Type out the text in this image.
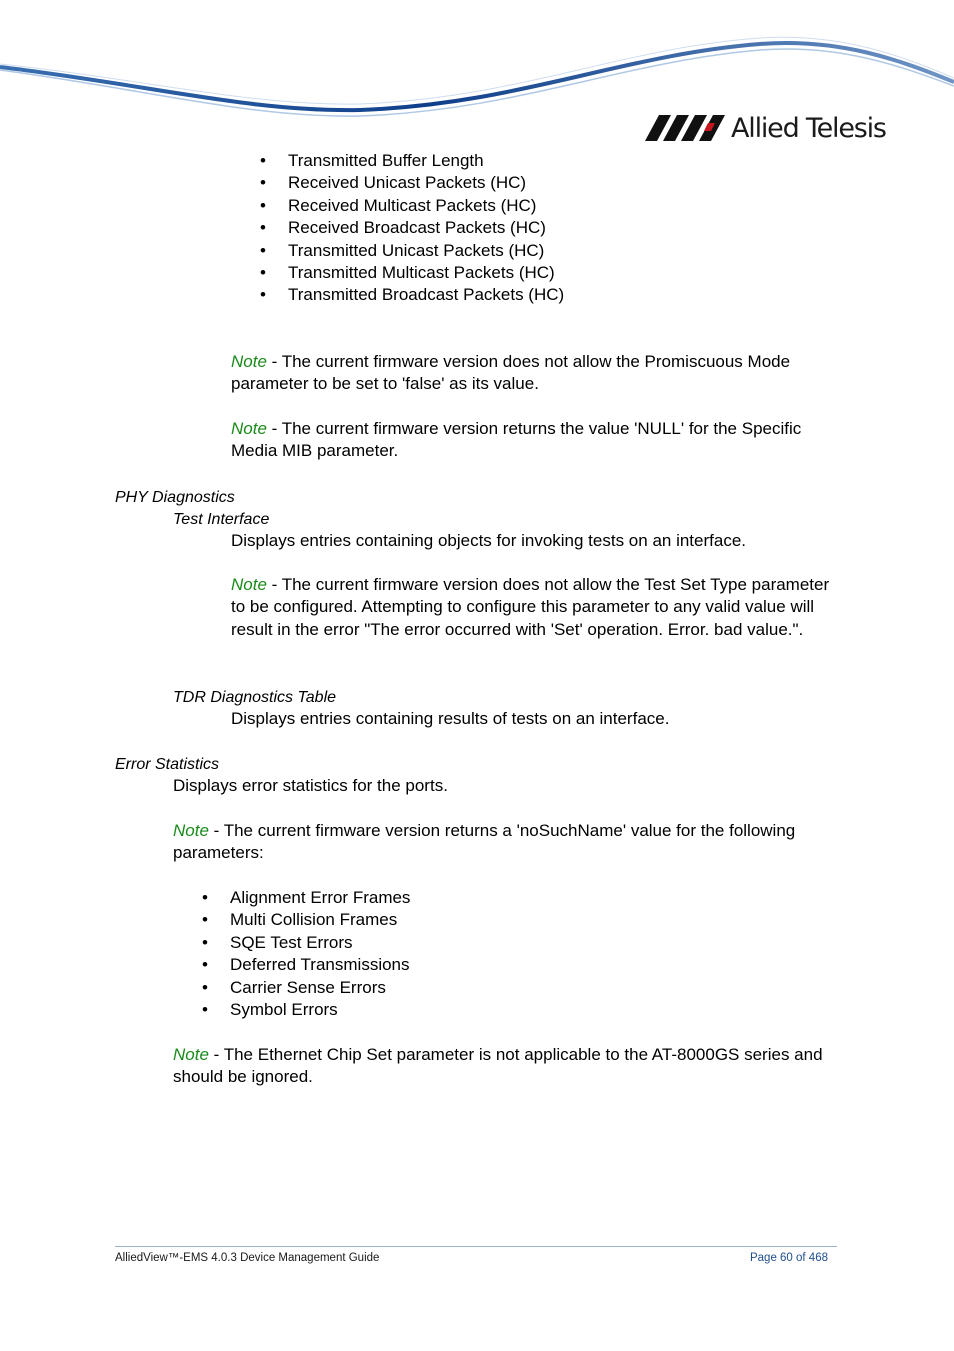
Allied Telesis
• Transmitted Buffer Length
• Received Unicast Packets (HC)
• Received Multicast Packets (HC)
• Received Broadcast Packets (HC)
• Transmitted Unicast Packets (HC)
• Transmitted Multicast Packets (HC)
• Transmitted Broadcast Packets (HC)
Note - The current firmware version does not allow the Promiscuous Mode parameter to be set to 'false' as its value.
Note - The current firmware version returns the value 'NULL' for the Specific Media MIB parameter.
PHY Diagnostics
Test Interface
Displays entries containing objects for invoking tests on an interface.
Note - The current firmware version does not allow the Test Set Type parameter to be configured. Attempting to configure this parameter to any valid value will result in the error "The error occurred with 'Set' operation. Error. bad value.".
TDR Diagnostics Table
Displays entries containing results of tests on an interface.
Error Statistics
Displays error statistics for the ports.
Note - The current firmware version returns a 'noSuchName' value for the following parameters:
• Alignment Error Frames
• Multi Collision Frames
• SQE Test Errors
• Deferred Transmissions
• Carrier Sense Errors
• Symbol Errors
Note - The Ethernet Chip Set parameter is not applicable to the AT-8000GS series and should be ignored.
AlliedView™-EMS 4.0.3 Device Management Guide	Page 60 of 468
